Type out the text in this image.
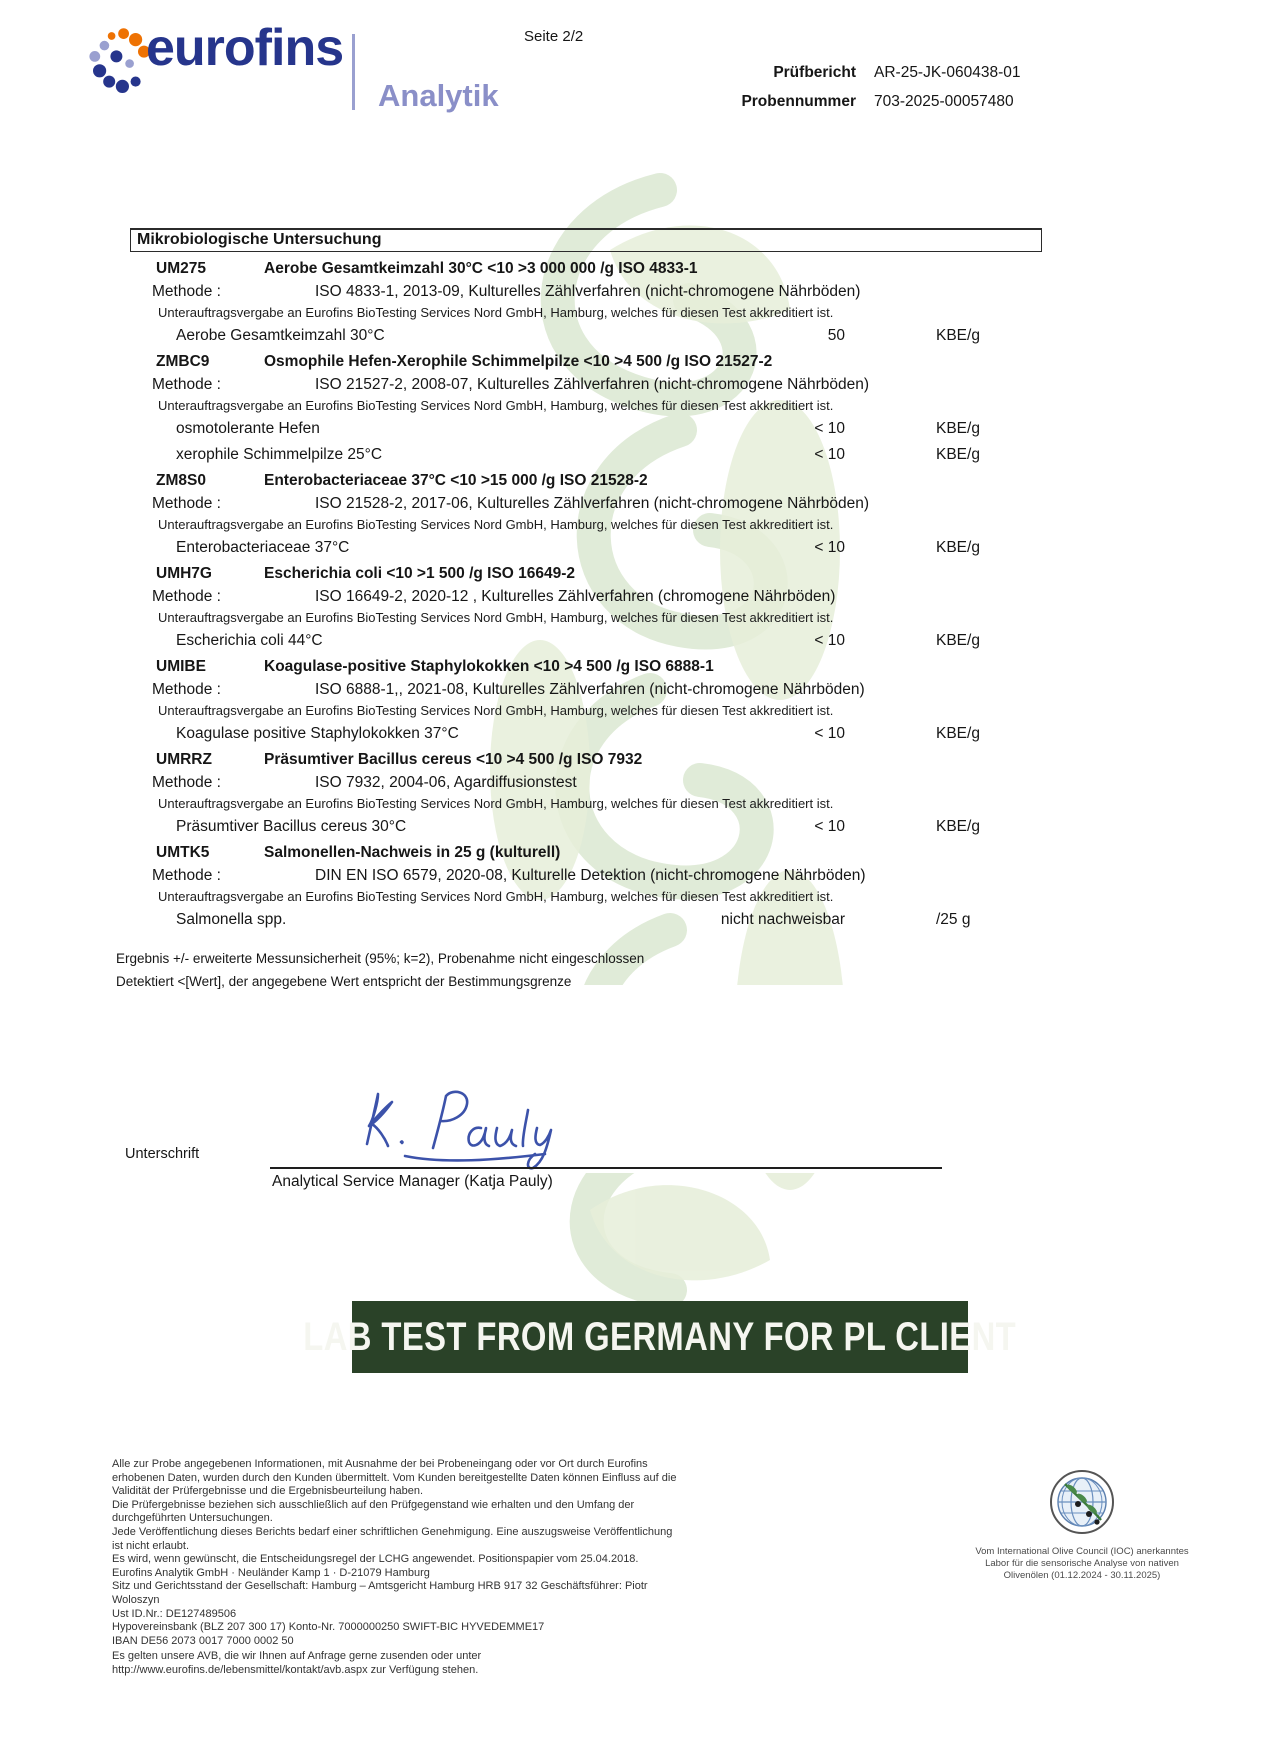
eurofins
Analytik
Seite 2/2
Prüfbericht AR-25-JK-060438-01
Probennummer 703-2025-00057480
Mikrobiologische Untersuchung
UM275	Aerobe Gesamtkeimzahl 30°C <10 >3 000 000 /g ISO 4833-1
Methode :	ISO 4833-1, 2013-09, Kulturelles Zählverfahren (nicht-chromogene Nährböden)
Unterauftragsvergabe an Eurofins BioTesting Services Nord GmbH, Hamburg, welches für diesen Test akkreditiert ist.
Aerobe Gesamtkeimzahl 30°C	50	KBE/g
ZMBC9	Osmophile Hefen-Xerophile Schimmelpilze <10 >4 500 /g ISO 21527-2
Methode :	ISO 21527-2, 2008-07, Kulturelles Zählverfahren (nicht-chromogene Nährböden)
Unterauftragsvergabe an Eurofins BioTesting Services Nord GmbH, Hamburg, welches für diesen Test akkreditiert ist.
osmotolerante Hefen	< 10	KBE/g
xerophile Schimmelpilze 25°C	< 10	KBE/g
ZM8S0	Enterobacteriaceae 37°C <10 >15 000 /g ISO 21528-2
Methode :	ISO 21528-2, 2017-06, Kulturelles Zählverfahren (nicht-chromogene Nährböden)
Unterauftragsvergabe an Eurofins BioTesting Services Nord GmbH, Hamburg, welches für diesen Test akkreditiert ist.
Enterobacteriaceae 37°C	< 10	KBE/g
UMH7G	Escherichia coli <10 >1 500 /g ISO 16649-2
Methode :	ISO 16649-2, 2020-12 , Kulturelles Zählverfahren (chromogene Nährböden)
Unterauftragsvergabe an Eurofins BioTesting Services Nord GmbH, Hamburg, welches für diesen Test akkreditiert ist.
Escherichia coli 44°C	< 10	KBE/g
UMIBE	Koagulase-positive Staphylokokken <10 >4 500 /g ISO 6888-1
Methode :	ISO 6888-1,, 2021-08, Kulturelles Zählverfahren (nicht-chromogene Nährböden)
Unterauftragsvergabe an Eurofins BioTesting Services Nord GmbH, Hamburg, welches für diesen Test akkreditiert ist.
Koagulase positive Staphylokokken 37°C	< 10	KBE/g
UMRRZ	Präsumtiver Bacillus cereus <10 >4 500 /g ISO 7932
Methode :	ISO 7932, 2004-06, Agardiffusionstest
Unterauftragsvergabe an Eurofins BioTesting Services Nord GmbH, Hamburg, welches für diesen Test akkreditiert ist.
Präsumtiver Bacillus cereus 30°C	< 10	KBE/g
UMTK5	Salmonellen-Nachweis in 25 g (kulturell)
Methode :	DIN EN ISO 6579, 2020-08, Kulturelle Detektion (nicht-chromogene Nährböden)
Unterauftragsvergabe an Eurofins BioTesting Services Nord GmbH, Hamburg, welches für diesen Test akkreditiert ist.
Salmonella spp.	nicht nachweisbar	/25 g
Ergebnis +/- erweiterte Messunsicherheit (95%; k=2), Probenahme nicht eingeschlossen
Detektiert <[Wert], der angegebene Wert entspricht der Bestimmungsgrenze
Unterschrift
Analytical Service Manager (Katja Pauly)
LAB TEST FROM GERMANY FOR PL CLIENT
Alle zur Probe angegebenen Informationen, mit Ausnahme der bei Probeneingang oder vor Ort durch Eurofins erhobenen Daten, wurden durch den Kunden übermittelt. Vom Kunden bereitgestellte Daten können Einfluss auf die Validität der Prüfergebnisse und die Ergebnisbeurteilung haben.
Die Prüfergebnisse beziehen sich ausschließlich auf den Prüfgegenstand wie erhalten und den Umfang der durchgeführten Untersuchungen.
Jede Veröffentlichung dieses Berichts bedarf einer schriftlichen Genehmigung. Eine auszugsweise Veröffentlichung ist nicht erlaubt.
Es wird, wenn gewünscht, die Entscheidungsregel der LCHG angewendet. Positionspapier vom 25.04.2018.
Eurofins Analytik GmbH · Neuländer Kamp 1 · D-21079 Hamburg
Sitz und Gerichtsstand der Gesellschaft: Hamburg – Amtsgericht Hamburg HRB 917 32 Geschäftsführer: Piotr Woloszyn
Ust ID.Nr.: DE127489506
Hypovereinsbank (BLZ 207 300 17) Konto-Nr. 7000000250 SWIFT-BIC HYVEDEMME17
IBAN DE56 2073 0017 7000 0002 50
Es gelten unsere AVB, die wir Ihnen auf Anfrage gerne zusenden oder unter
http://www.eurofins.de/lebensmittel/kontakt/avb.aspx zur Verfügung stehen.
Vom International Olive Council (IOC) anerkanntes
Labor für die sensorische Analyse von nativen
Olivenölen (01.12.2024 - 30.11.2025)
